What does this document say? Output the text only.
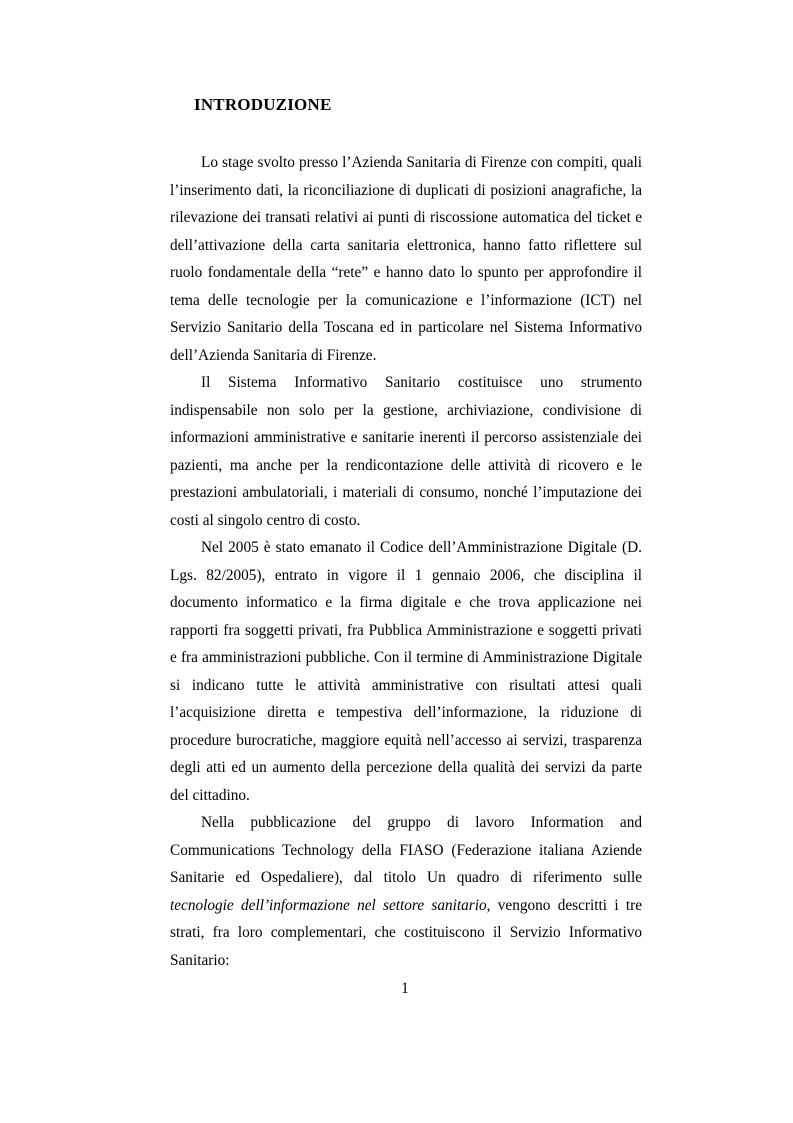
INTRODUZIONE

Lo stage svolto presso l’Azienda Sanitaria di Firenze con compiti, quali l’inserimento dati, la riconciliazione di duplicati di posizioni anagrafiche, la rilevazione dei transati relativi ai punti di riscossione automatica del ticket e dell’attivazione della carta sanitaria elettronica, hanno fatto riflettere sul ruolo fondamentale della “rete” e hanno dato lo spunto per approfondire il tema delle tecnologie per la comunicazione e l’informazione (ICT) nel Servizio Sanitario della Toscana ed in particolare nel Sistema Informativo dell’Azienda Sanitaria di Firenze.

Il Sistema Informativo Sanitario costituisce uno strumento indispensabile non solo per la gestione, archiviazione, condivisione di informazioni amministrative e sanitarie inerenti il percorso assistenziale dei pazienti, ma anche per la rendicontazione delle attività di ricovero e le prestazioni ambulatoriali, i materiali di consumo, nonché l’imputazione dei costi al singolo centro di costo.

Nel 2005 è stato emanato il Codice dell’Amministrazione Digitale (D. Lgs. 82/2005), entrato in vigore il 1 gennaio 2006, che disciplina il documento informatico e la firma digitale e che trova applicazione nei rapporti fra soggetti privati, fra Pubblica Amministrazione e soggetti privati e fra amministrazioni pubbliche. Con il termine di Amministrazione Digitale si indicano tutte le attività amministrative con risultati attesi quali l’acquisizione diretta e tempestiva dell’informazione, la riduzione di procedure burocratiche, maggiore equità nell’accesso ai servizi, trasparenza degli atti ed un aumento della percezione della qualità dei servizi da parte del cittadino.

Nella pubblicazione del gruppo di lavoro Information and Communications Technology della FIASO (Federazione italiana Aziende Sanitarie ed Ospedaliere), dal titolo Un quadro di riferimento sulle tecnologie dell’informazione nel settore sanitario, vengono descritti i tre strati, fra loro complementari, che costituiscono il Servizio Informativo Sanitario:

1
